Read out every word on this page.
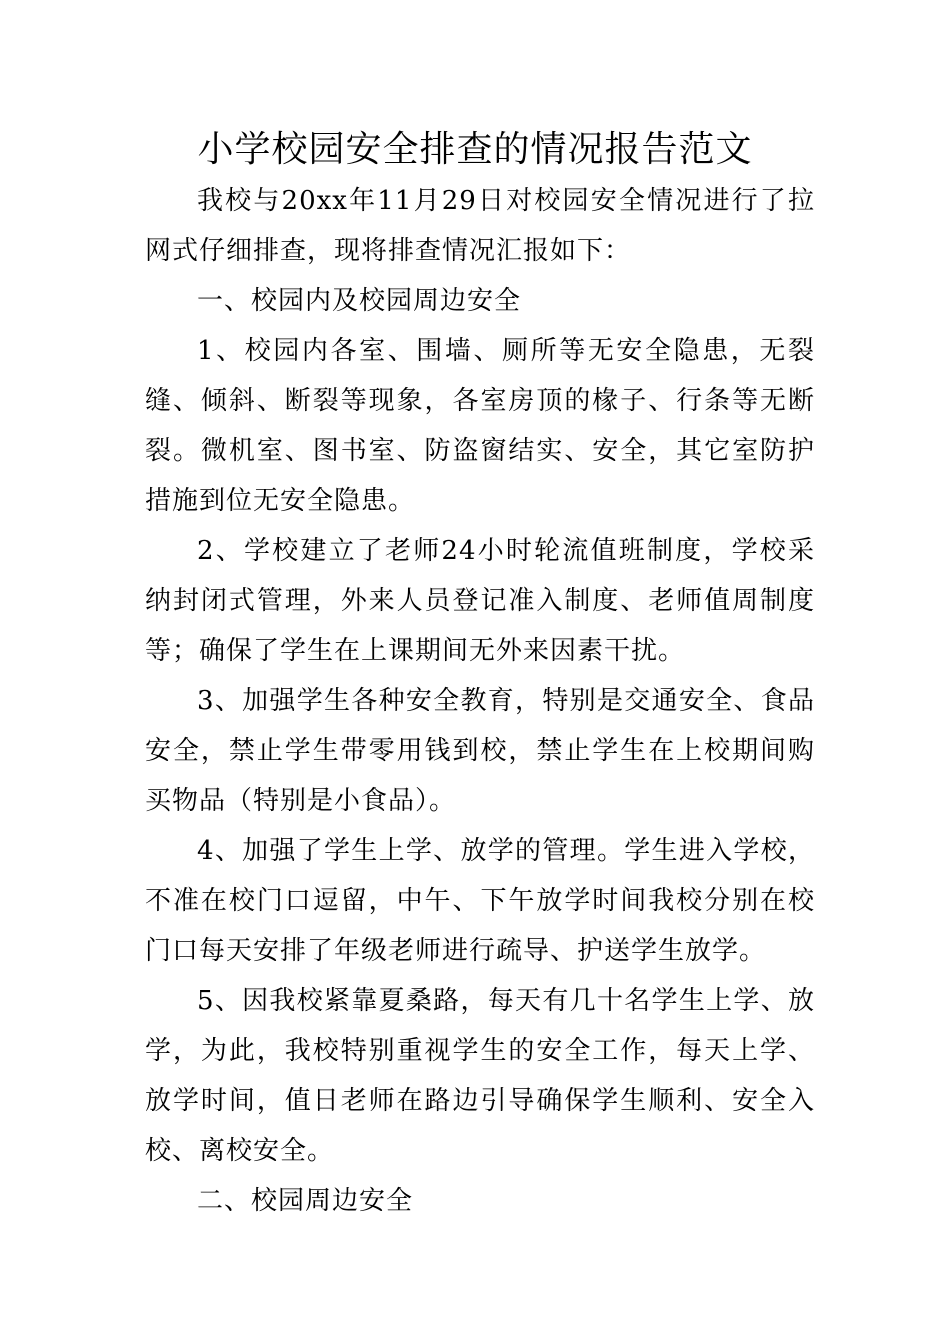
小学校园安全排查的情况报告范文

我校与20xx年11月29日对校园安全情况进行了拉网式仔细排查，现将排查情况汇报如下：

一、校园内及校园周边安全

1、校园内各室、围墙、厕所等无安全隐患，无裂缝、倾斜、断裂等现象，各室房顶的椽子、行条等无断裂。微机室、图书室、防盗窗结实、安全，其它室防护措施到位无安全隐患。

2、学校建立了老师24小时轮流值班制度，学校采纳封闭式管理，外来人员登记准入制度、老师值周制度等；确保了学生在上课期间无外来因素干扰。

3、加强学生各种安全教育，特别是交通安全、食品安全，禁止学生带零用钱到校，禁止学生在上校期间购买物品（特别是小食品）。

4、加强了学生上学、放学的管理。学生进入学校，不准在校门口逗留，中午、下午放学时间我校分别在校门口每天安排了年级老师进行疏导、护送学生放学。

5、因我校紧靠夏桑路，每天有几十名学生上学、放学，为此，我校特别重视学生的安全工作，每天上学、放学时间，值日老师在路边引导确保学生顺利、安全入校、离校安全。

二、校园周边安全
